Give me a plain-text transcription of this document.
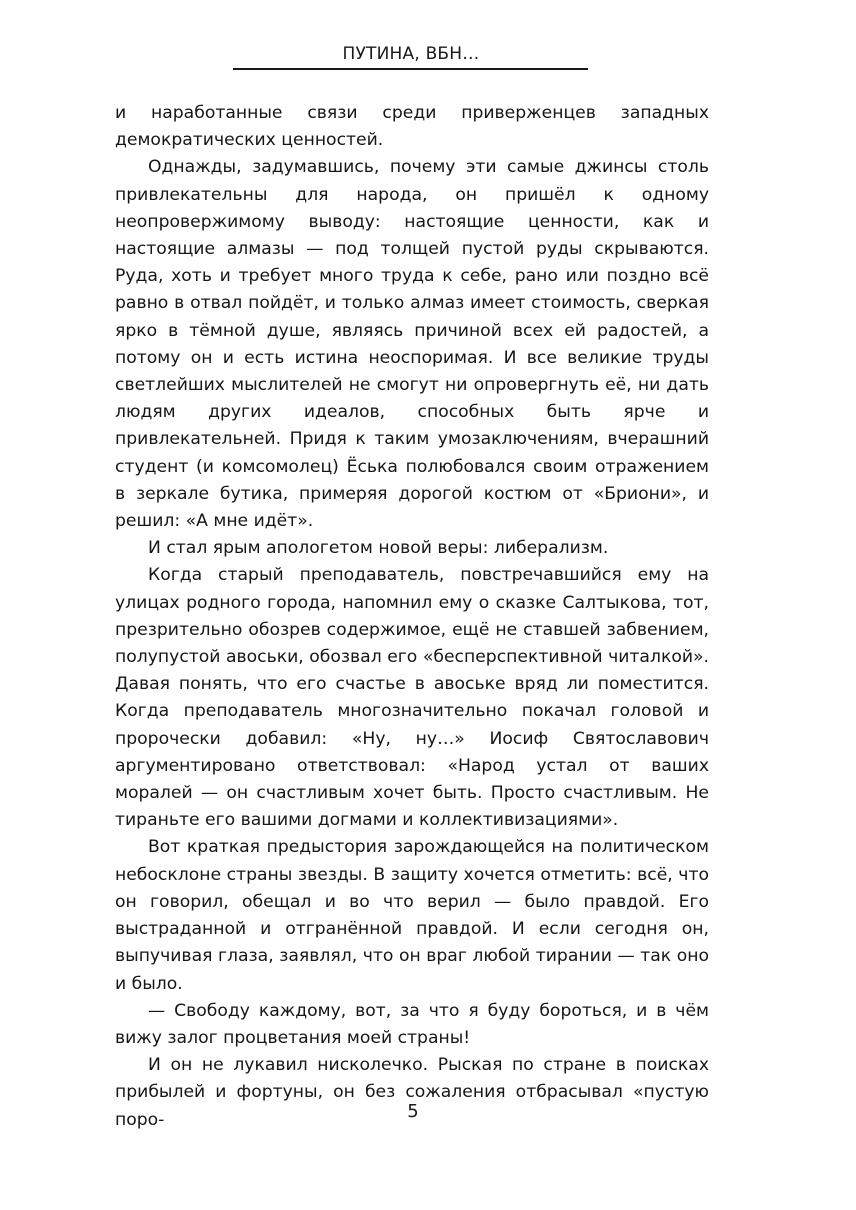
ПУТИНА, ВБН…

и наработанные связи среди приверженцев западных демократических ценностей.

Однажды, задумавшись, почему эти самые джинсы столь привлекательны для народа, он пришёл к одному неопровержимому выводу: настоящие ценности, как и настоящие алмазы — под толщей пустой руды скрываются. Руда, хоть и требует много труда к себе, рано или поздно всё равно в отвал пойдёт, и только алмаз имеет стоимость, сверкая ярко в тёмной душе, являясь причиной всех ей радостей, а потому он и есть истина неоспоримая. И все великие труды светлейших мыслителей не смогут ни опровергнуть её, ни дать людям других идеалов, способных быть ярче и привлекательней. Придя к таким умозаключениям, вчерашний студент (и комсомолец) Ёська полюбовался своим отражением в зеркале бутика, примеряя дорогой костюм от «Бриони», и решил: «А мне идёт».

И стал ярым апологетом новой веры: либерализм.

Когда старый преподаватель, повстречавшийся ему на улицах родного города, напомнил ему о сказке Салтыкова, тот, презрительно обозрев содержимое, ещё не ставшей забвением, полупустой авоськи, обозвал его «бесперспективной читалкой». Давая понять, что его счастье в авоське вряд ли поместится. Когда преподаватель многозначительно покачал головой и пророчески добавил: «Ну, ну…» Иосиф Святославович аргументировано ответствовал: «Народ устал от ваших моралей — он счастливым хочет быть. Просто счастливым. Не тираньте его вашими догмами и коллективизациями».

Вот краткая предыстория зарождающейся на политическом небосклоне страны звезды. В защиту хочется отметить: всё, что он говорил, обещал и во что верил — было правдой. Его выстраданной и отгранённой правдой. И если сегодня он, выпучивая глаза, заявлял, что он враг любой тирании — так оно и было.

— Свободу каждому, вот, за что я буду бороться, и в чём вижу залог процветания моей страны!

И он не лукавил нисколечко. Рыская по стране в поисках прибылей и фортуны, он без сожаления отбрасывал «пустую поро-	5
